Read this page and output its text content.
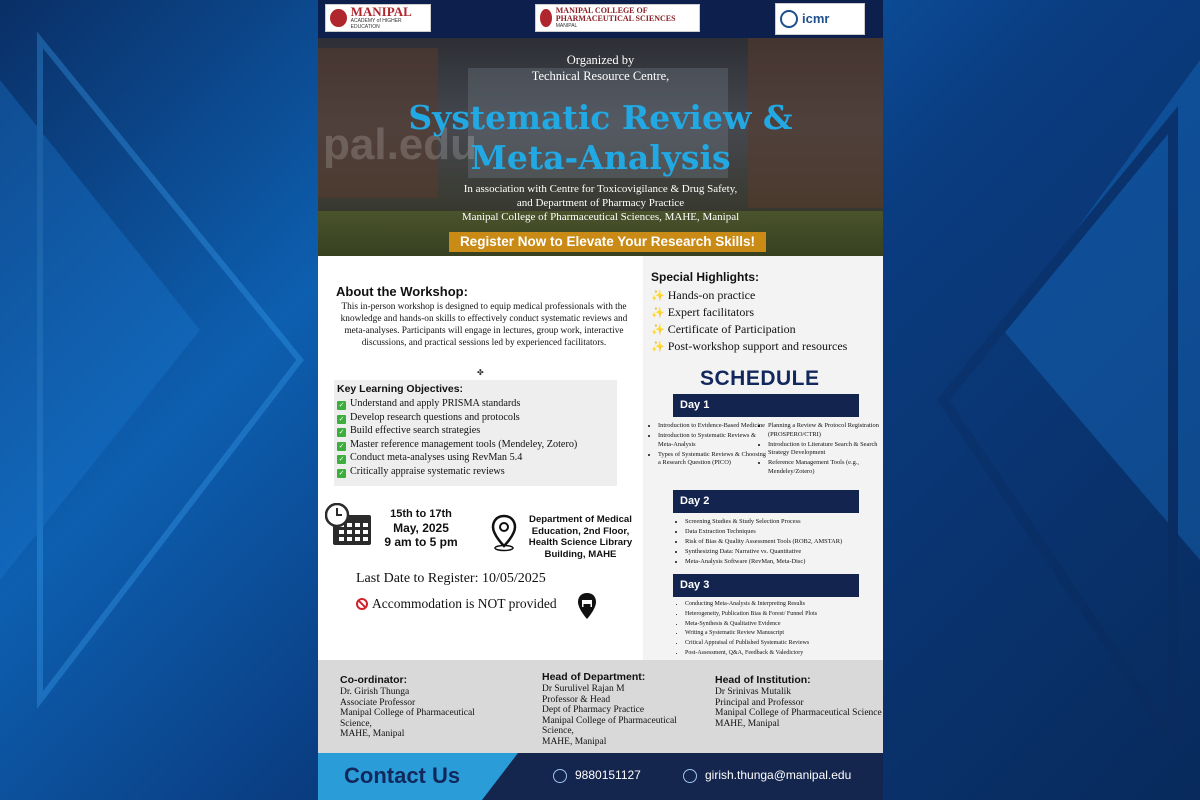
MANIPAL
ACADEMY of HIGHER EDUCATION
MANIPAL COLLEGE OF PHARMACEUTICAL SCIENCES
MANIPAL	icmr
pal.edu
Organized by
Technical Resource Centre,
Systematic Review &
Meta-Analysis
In association with Centre for Toxicovigilance & Drug Safety,
and Department of Pharmacy Practice
Manipal College of Pharmaceutical Sciences, MAHE, Manipal
Register Now to Elevate Your Research Skills!
About the Workshop:
This in-person workshop is designed to equip medical professionals with the knowledge and hands-on skills to effectively conduct systematic reviews and meta-analyses. Participants will engage in lectures, group work, interactive discussions, and practical sessions led by experienced facilitators.
✤
Key Learning Objectives:
✓ Understand and apply PRISMA standards
✓ Develop research questions and protocols
✓ Build effective search strategies
✓ Master reference management tools (Mendeley, Zotero)
✓ Conduct meta-analyses using RevMan 5.4
✓ Critically appraise systematic reviews
15th to 17th
May, 2025
9 am to 5 pm
Department of Medical Education, 2nd Floor, Health Science Library Building, MAHE
Last Date to Register: 10/05/2025
Accommodation is NOT provided
Special Highlights:
✨ Hands-on practice
✨ Expert facilitators
✨ Certificate of Participation
✨ Post-workshop support and resources
SCHEDULE
Day 1
• Introduction to Evidence-Based Medicine
• Introduction to Systematic Reviews & Meta-Analysis
• Types of Systematic Reviews & Choosing a Research Question (PICO)
• Planning a Review & Protocol Registration (PROSPERO/CTRI)
• Introduction to Literature Search & Search Strategy Development
• Reference Management Tools (e.g., Mendeley/Zotero)
Day 2
• Screening Studies & Study Selection Process
• Data Extraction Techniques
• Risk of Bias & Quality Assessment Tools (ROB2, AMSTAR)
• Synthesizing Data: Narrative vs. Quantitative
• Meta-Analysis Software (RevMan, Meta-Disc)
Day 3
• Conducting Meta-Analysis & Interpreting Results
• Heterogeneity, Publication Bias & Forest/ Funnel Plots
• Meta-Synthesis & Qualitative Evidence
• Writing a Systematic Review Manuscript
• Critical Appraisal of Published Systematic Reviews
• Post-Assessment, Q&A, Feedback & Valedictory
Co-ordinator:
Dr. Girish Thunga
Associate Professor
Manipal College of Pharmaceutical
Science,
MAHE, Manipal
Head of Department:
Dr Surulivel Rajan M
Professor & Head
Dept of Pharmacy Practice
Manipal College of Pharmaceutical
Science,
MAHE, Manipal
Head of Institution:
Dr Srinivas Mutalik
Principal and Professor
Manipal College of Pharmaceutical Science
MAHE, Manipal
Contact Us	9880151127	girish.thunga@manipal.edu
